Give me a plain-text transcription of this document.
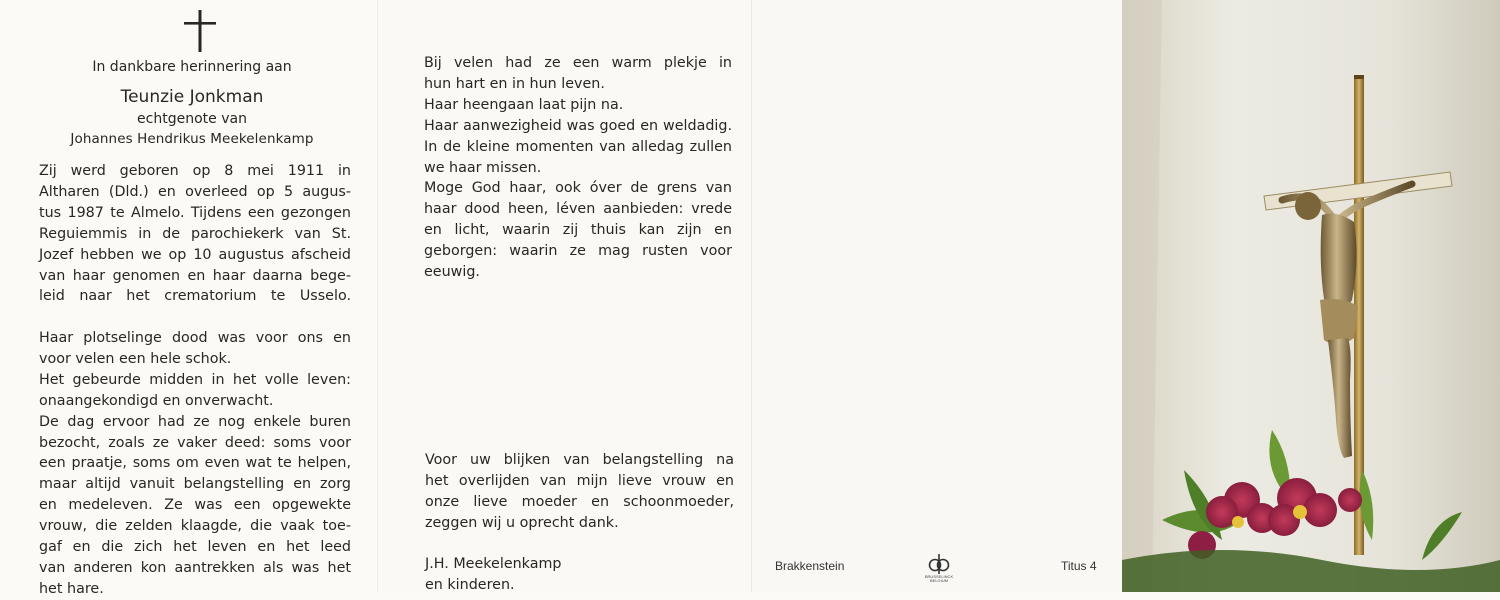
In dankbare herinnering aan
Teunzie Jonkman
echtgenote van
Johannes Hendrikus Meekelenkamp
Zij werd geboren op 8 mei 1911 in
Altharen (Dld.) en overleed op 5 augus-
tus 1987 te Almelo. Tijdens een gezongen
Reguiemmis in de parochiekerk van St.
Jozef hebben we op 10 augustus afscheid
van haar genomen en haar daarna bege-
leid naar het crematorium te Usselo.
Haar plotselinge dood was voor ons en
voor velen een hele schok.
Het gebeurde midden in het volle leven:
onaangekondigd en onverwacht.
De dag ervoor had ze nog enkele buren
bezocht, zoals ze vaker deed: soms voor
een praatje, soms om even wat te helpen,
maar altijd vanuit belangstelling en zorg
en medeleven. Ze was een opgewekte
vrouw, die zelden klaagde, die vaak toe-
gaf en die zich het leven en het leed
van anderen kon aantrekken als was het
het hare.
Bij velen had ze een warm plekje in
hun hart en in hun leven.
Haar heengaan laat pijn na.
Haar aanwezigheid was goed en weldadig.
In de kleine momenten van alledag zullen
we haar missen.
Moge God haar, ook óver de grens van
haar dood heen, léven aanbieden: vrede
en licht, waarin zij thuis kan zijn en
geborgen: waarin ze mag rusten voor
eeuwig.
Voor uw blijken van belangstelling na
het overlijden van mijn lieve vrouw en
onze lieve moeder en schoonmoeder,
zeggen wij u oprecht dank.
J.H. Meekelenkamp
en kinderen.
Brakkenstein
BRUSSELINCK BELGIUM
Titus 4
